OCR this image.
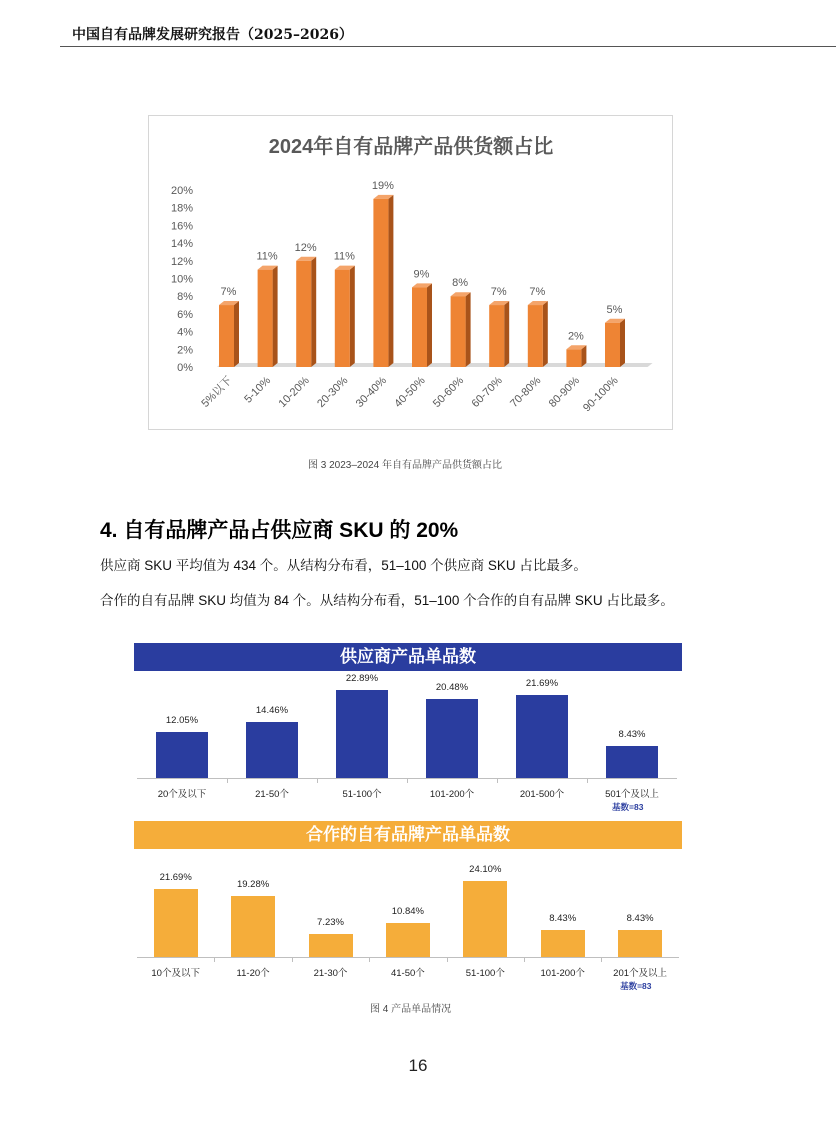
中国自有品牌发展研究报告（2025–2026）
2024年自有品牌产品供货额占比
0%
2%
4%
6%
8%
10%
12%
14%
16%
18%
20%
7%
5%以下
11%
5-10%
12%
10-20%
11%
20-30%
19%
30-40%
9%
40-50%
8%
50-60%
7%
60-70%
7%
70-80%
2%
80-90%
5%
90-100%
图 3 2023–2024 年自有品牌产品供货额占比
4. 自有品牌产品占供应商 SKU 的 20%
供应商 SKU 平均值为 434 个。从结构分布看，51–100 个供应商 SKU 占比最多。
合作的自有品牌 SKU 均值为 84 个。从结构分布看，51–100 个合作的自有品牌 SKU 占比最多。
供应商产品单品数
12.05%
20个及以下
14.46%
21-50个
22.89%
51-100个
20.48%
101-200个
21.69%
201-500个
8.43%
501个及以上
基数=83
合作的自有品牌产品单品数
21.69%
10个及以下
19.28%
11-20个
7.23%
21-30个
10.84%
41-50个
24.10%
51-100个
8.43%
101-200个
8.43%
201个及以上
基数=83
图 4 产品单品情况
16
